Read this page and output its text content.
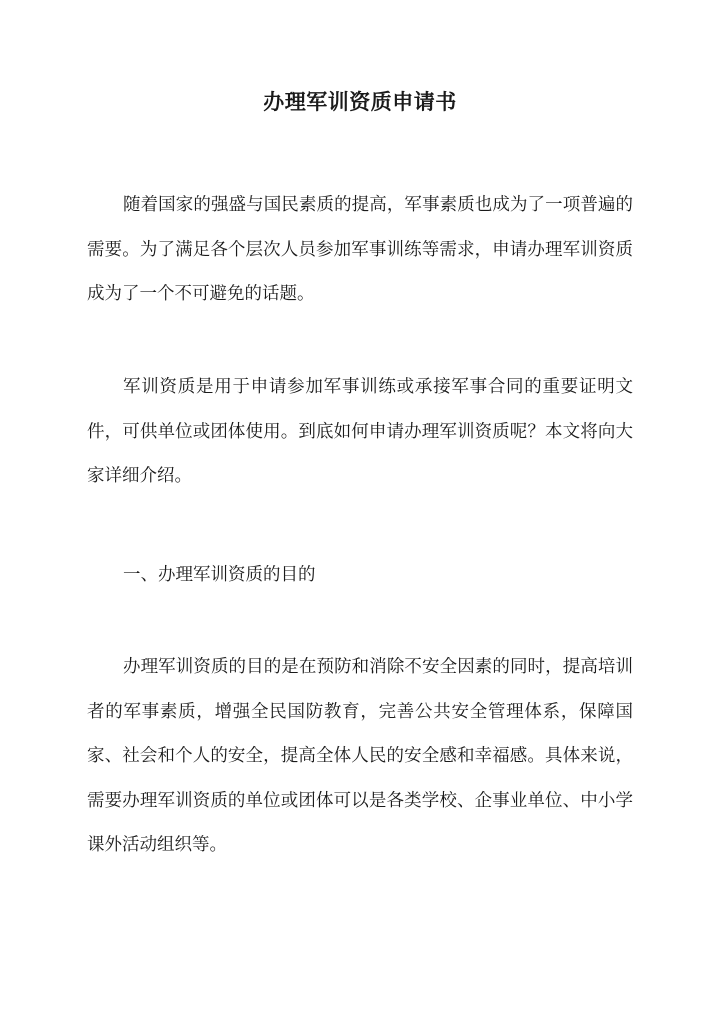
办理军训资质申请书

随着国家的强盛与国民素质的提高，军事素质也成为了一项普遍的需要。为了满足各个层次人员参加军事训练等需求，申请办理军训资质成为了一个不可避免的话题。

军训资质是用于申请参加军事训练或承接军事合同的重要证明文件，可供单位或团体使用。到底如何申请办理军训资质呢？本文将向大家详细介绍。

一、办理军训资质的目的

办理军训资质的目的是在预防和消除不安全因素的同时，提高培训者的军事素质，增强全民国防教育，完善公共安全管理体系，保障国家、社会和个人的安全，提高全体人民的安全感和幸福感。具体来说，需要办理军训资质的单位或团体可以是各类学校、企事业单位、中小学课外活动组织等。
